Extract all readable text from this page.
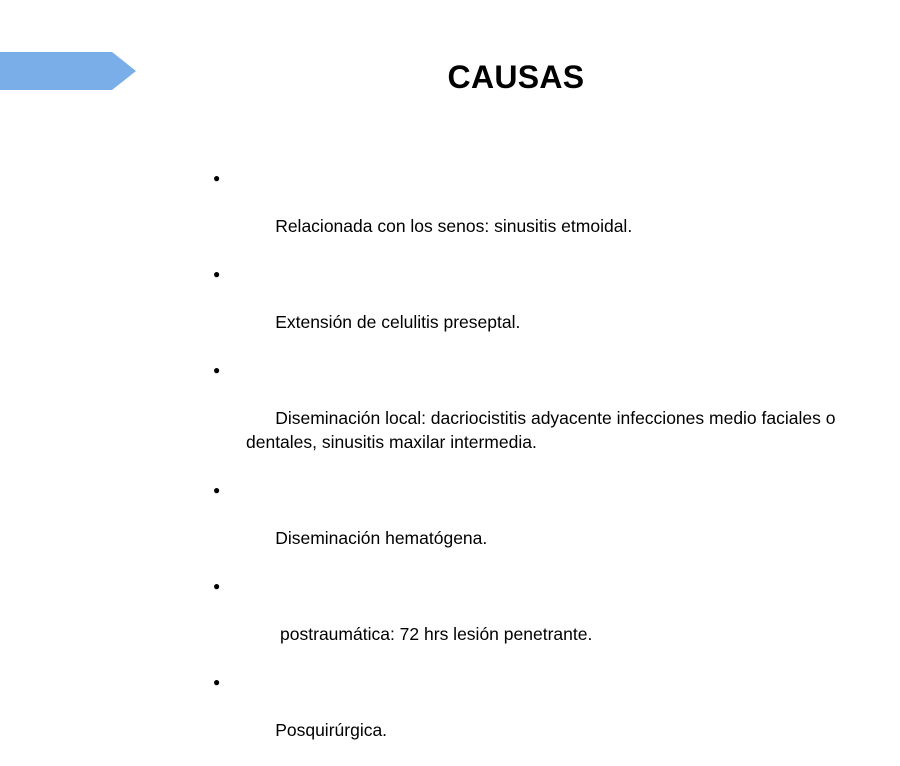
CAUSAS

●

Relacionada con los senos: sinusitis etmoidal.

●

Extensión de celulitis preseptal.

●

Diseminación local: dacriocistitis adyacente infecciones medio faciales o dentales, sinusitis maxilar intermedia.

●

Diseminación hematógena.

●

postraumática: 72 hrs lesión penetrante.

●

Posquirúrgica.
